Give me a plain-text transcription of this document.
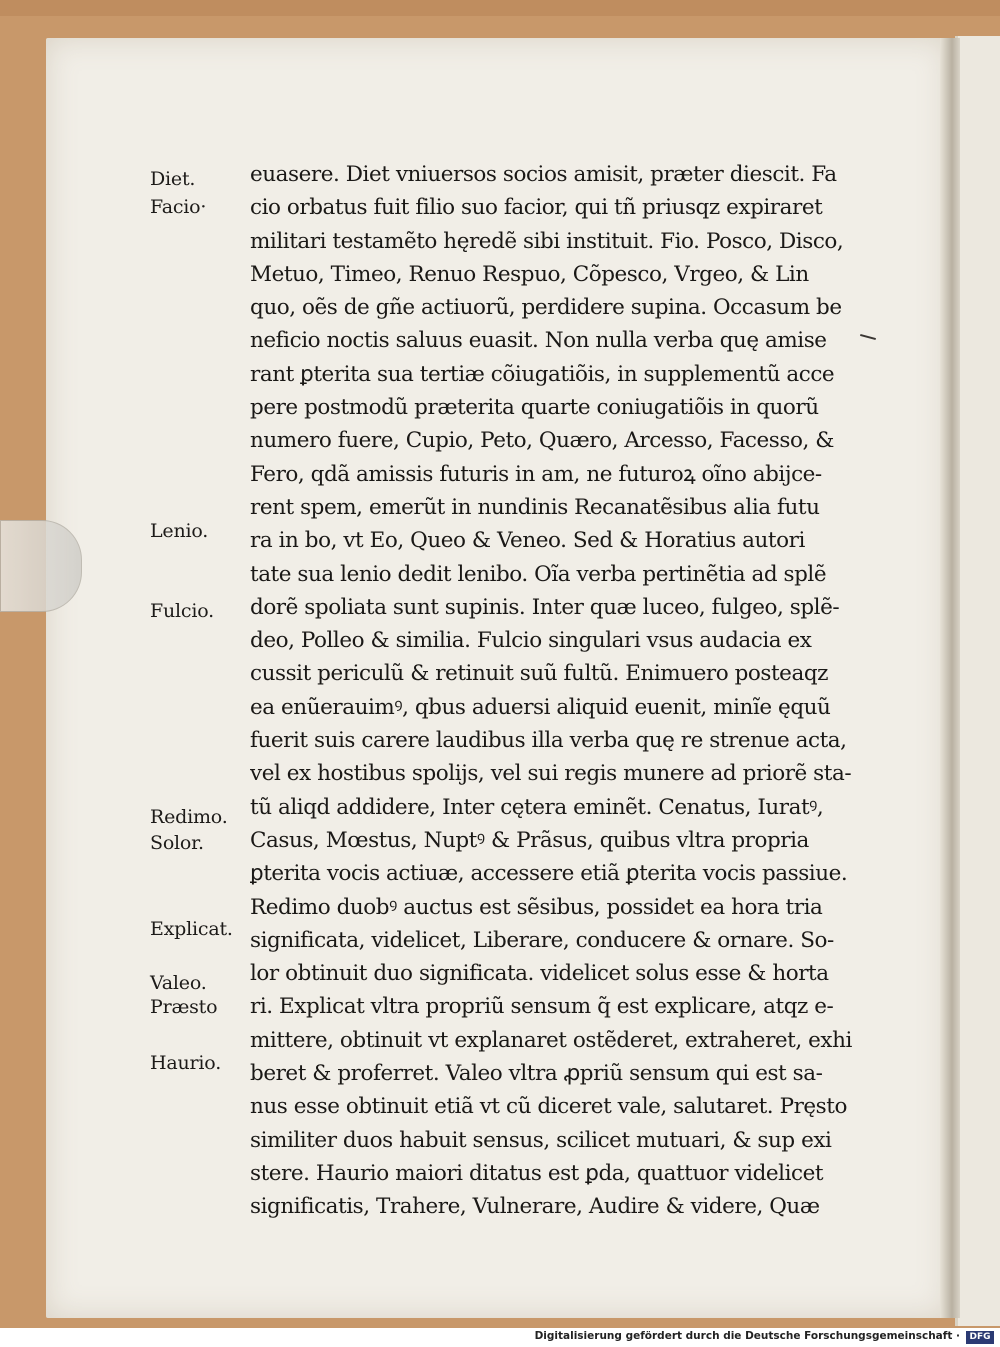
Diet.
Facio·
Lenio.
Fulcio.
Redimo.
Solor.
Explicat.
Valeo.
Præsto
Haurio.
euasere. Diet vniuersos socios amisit, præter diescit. Fa
cio orbatus fuit filio suo facior, qui tñ priusqz expiraret
militari testamẽto hęredẽ sibi instituit. Fio. Posco, Disco,
Metuo, Timeo, Renuo Respuo, Cõpesco, Vrgeo, & Lin
quo, oẽs de gñe actiuorũ, perdidere supina. Occasum be
neficio noctis saluus euasit. Non nulla verba quę amise
rant ꝑterita sua tertiæ cõiugatiõis, in supplementũ acce
pere postmodũ præterita quarte coniugatiõis in quorũ
numero fuere, Cupio, Peto, Quæro, Arcesso, Facesso, &
Fero, qdã amissis futuris in am, ne futuroꝝ oĩno abijce-
rent spem, emerũt in nundinis Recanatẽsibus alia futu
ra in bo, vt Eo, Queo & Veneo. Sed & Horatius autori
tate sua lenio dedit lenibo. Oĩa verba pertinẽtia ad splẽ
dorẽ spoliata sunt supinis. Inter quæ luceo, fulgeo, splẽ-
deo, Polleo & similia. Fulcio singulari vsus audacia ex
cussit periculũ & retinuit suũ fultũ. Enimuero posteaqz
ea enũerauimꝰ, qbus aduersi aliquid euenit, minĩe ęquũ
fuerit suis carere laudibus illa verba quę re strenue acta,
vel ex hostibus spolijs, vel sui regis munere ad priorẽ sta-
tũ aliqd addidere, Inter cętera eminẽt. Cenatus, Iuratꝰ,
Casus, Mœstus, Nuptꝰ & Prãsus, quibus vltra propria
ꝑterita vocis actiuæ, accessere etiã ꝑterita vocis passiue.
Redimo duobꝰ auctus est sẽsibus, possidet ea hora tria
significata, videlicet, Liberare, conducere & ornare. So-
lor obtinuit duo significata. videlicet solus esse & horta
ri. Explicat vltra propriũ sensum q̃ est explicare, atqz e-
mittere, obtinuit vt explanaret ostẽderet, extraheret, exhi
beret & proferret. Valeo vltra ꝓpriũ sensum qui est sa-
nus esse obtinuit etiã vt cũ diceret vale, salutaret. Pręsto
similiter duos habuit sensus, scilicet mutuari, & sup exi
stere. Haurio maiori ditatus est ꝑda, quattuor videlicet
significatis, Trahere, Vulnerare, Audire & videre, Quæ
Digitalisierung gefördert durch die Deutsche Forschungsgemeinschaft ·	DFG
